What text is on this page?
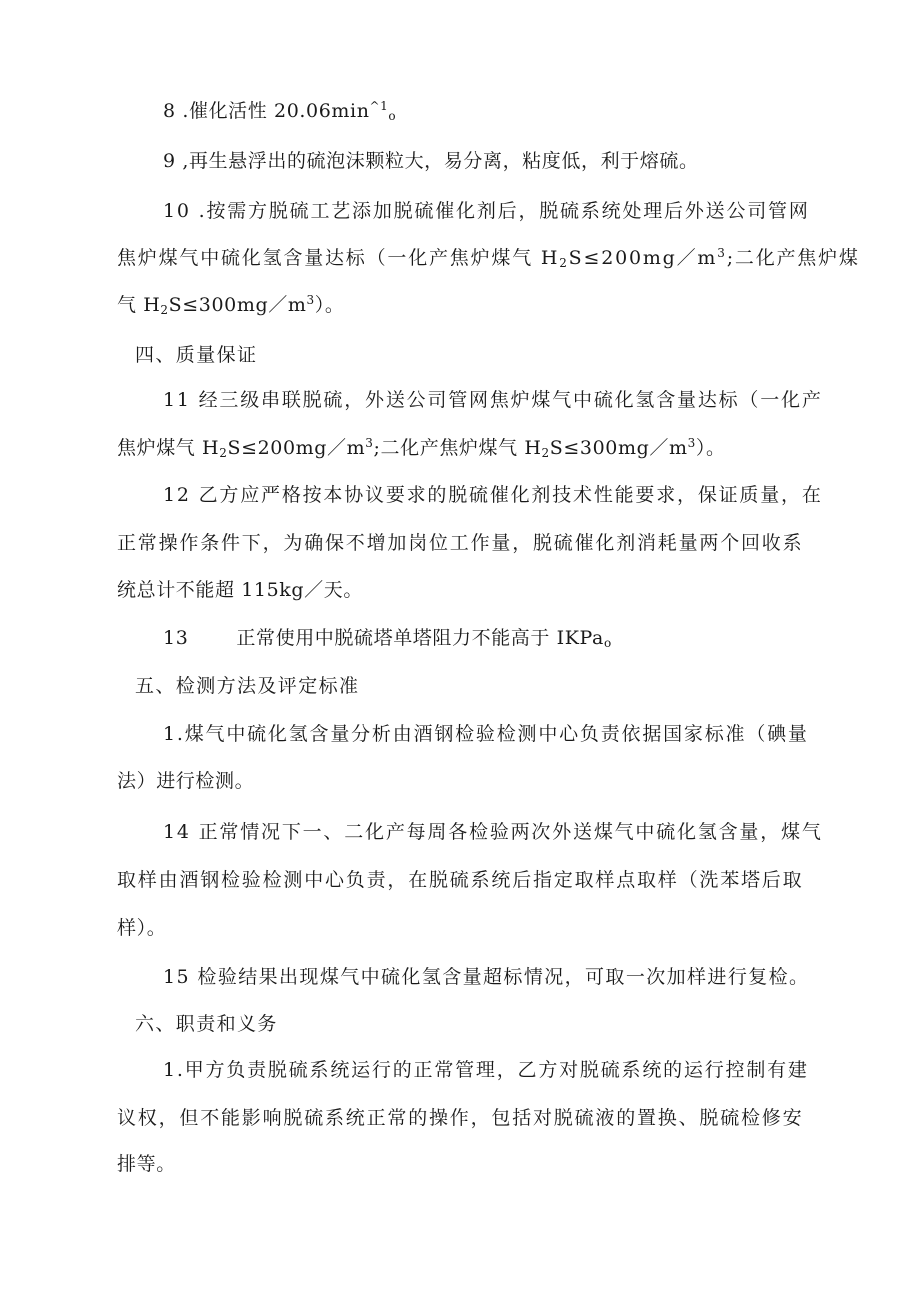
8 .催化活性 $20.06\min^{\^{}1}_o$
9 ,再生悬浮出的硫泡沫颗粒大，易分离，粘度低，利于熔硫。
10 .按需方脱硫工艺添加脱硫催化剂后，脱硫系统处理后外送公司管网
焦炉煤气中硫化氢含量达标（一化产焦炉煤气 $H_2S\le 200mg/m^3$;二化产焦炉煤
气 $H_2S\le 300mg/m^3$）。
四、质量保证
11 经三级串联脱硫，外送公司管网焦炉煤气中硫化氢含量达标（一化产
焦炉煤气 $H_2S\le 200mg/m^3$;二化产焦炉煤气 $H_2S\le 300mg/m^3$）。
12 乙方应严格按本协议要求的脱硫催化剂技术性能要求，保证质量，在
正常操作条件下，为确保不增加岗位工作量，脱硫催化剂消耗量两个回收系
统总计不能超 115kg／天。
13	正常使用中脱硫塔单塔阻力不能高于 IKPa$_o$
五、检测方法及评定标准
1.煤气中硫化氢含量分析由酒钢检验检测中心负责依据国家标准（碘量
法）进行检测。
14 正常情况下一、二化产每周各检验两次外送煤气中硫化氢含量，煤气
取样由酒钢检验检测中心负责，在脱硫系统后指定取样点取样（洗苯塔后取
样）。
15 检验结果出现煤气中硫化氢含量超标情况，可取一次加样进行复检。
六、职责和义务
1.甲方负责脱硫系统运行的正常管理，乙方对脱硫系统的运行控制有建
议权，但不能影响脱硫系统正常的操作，包括对脱硫液的置换、脱硫检修安
排等。
